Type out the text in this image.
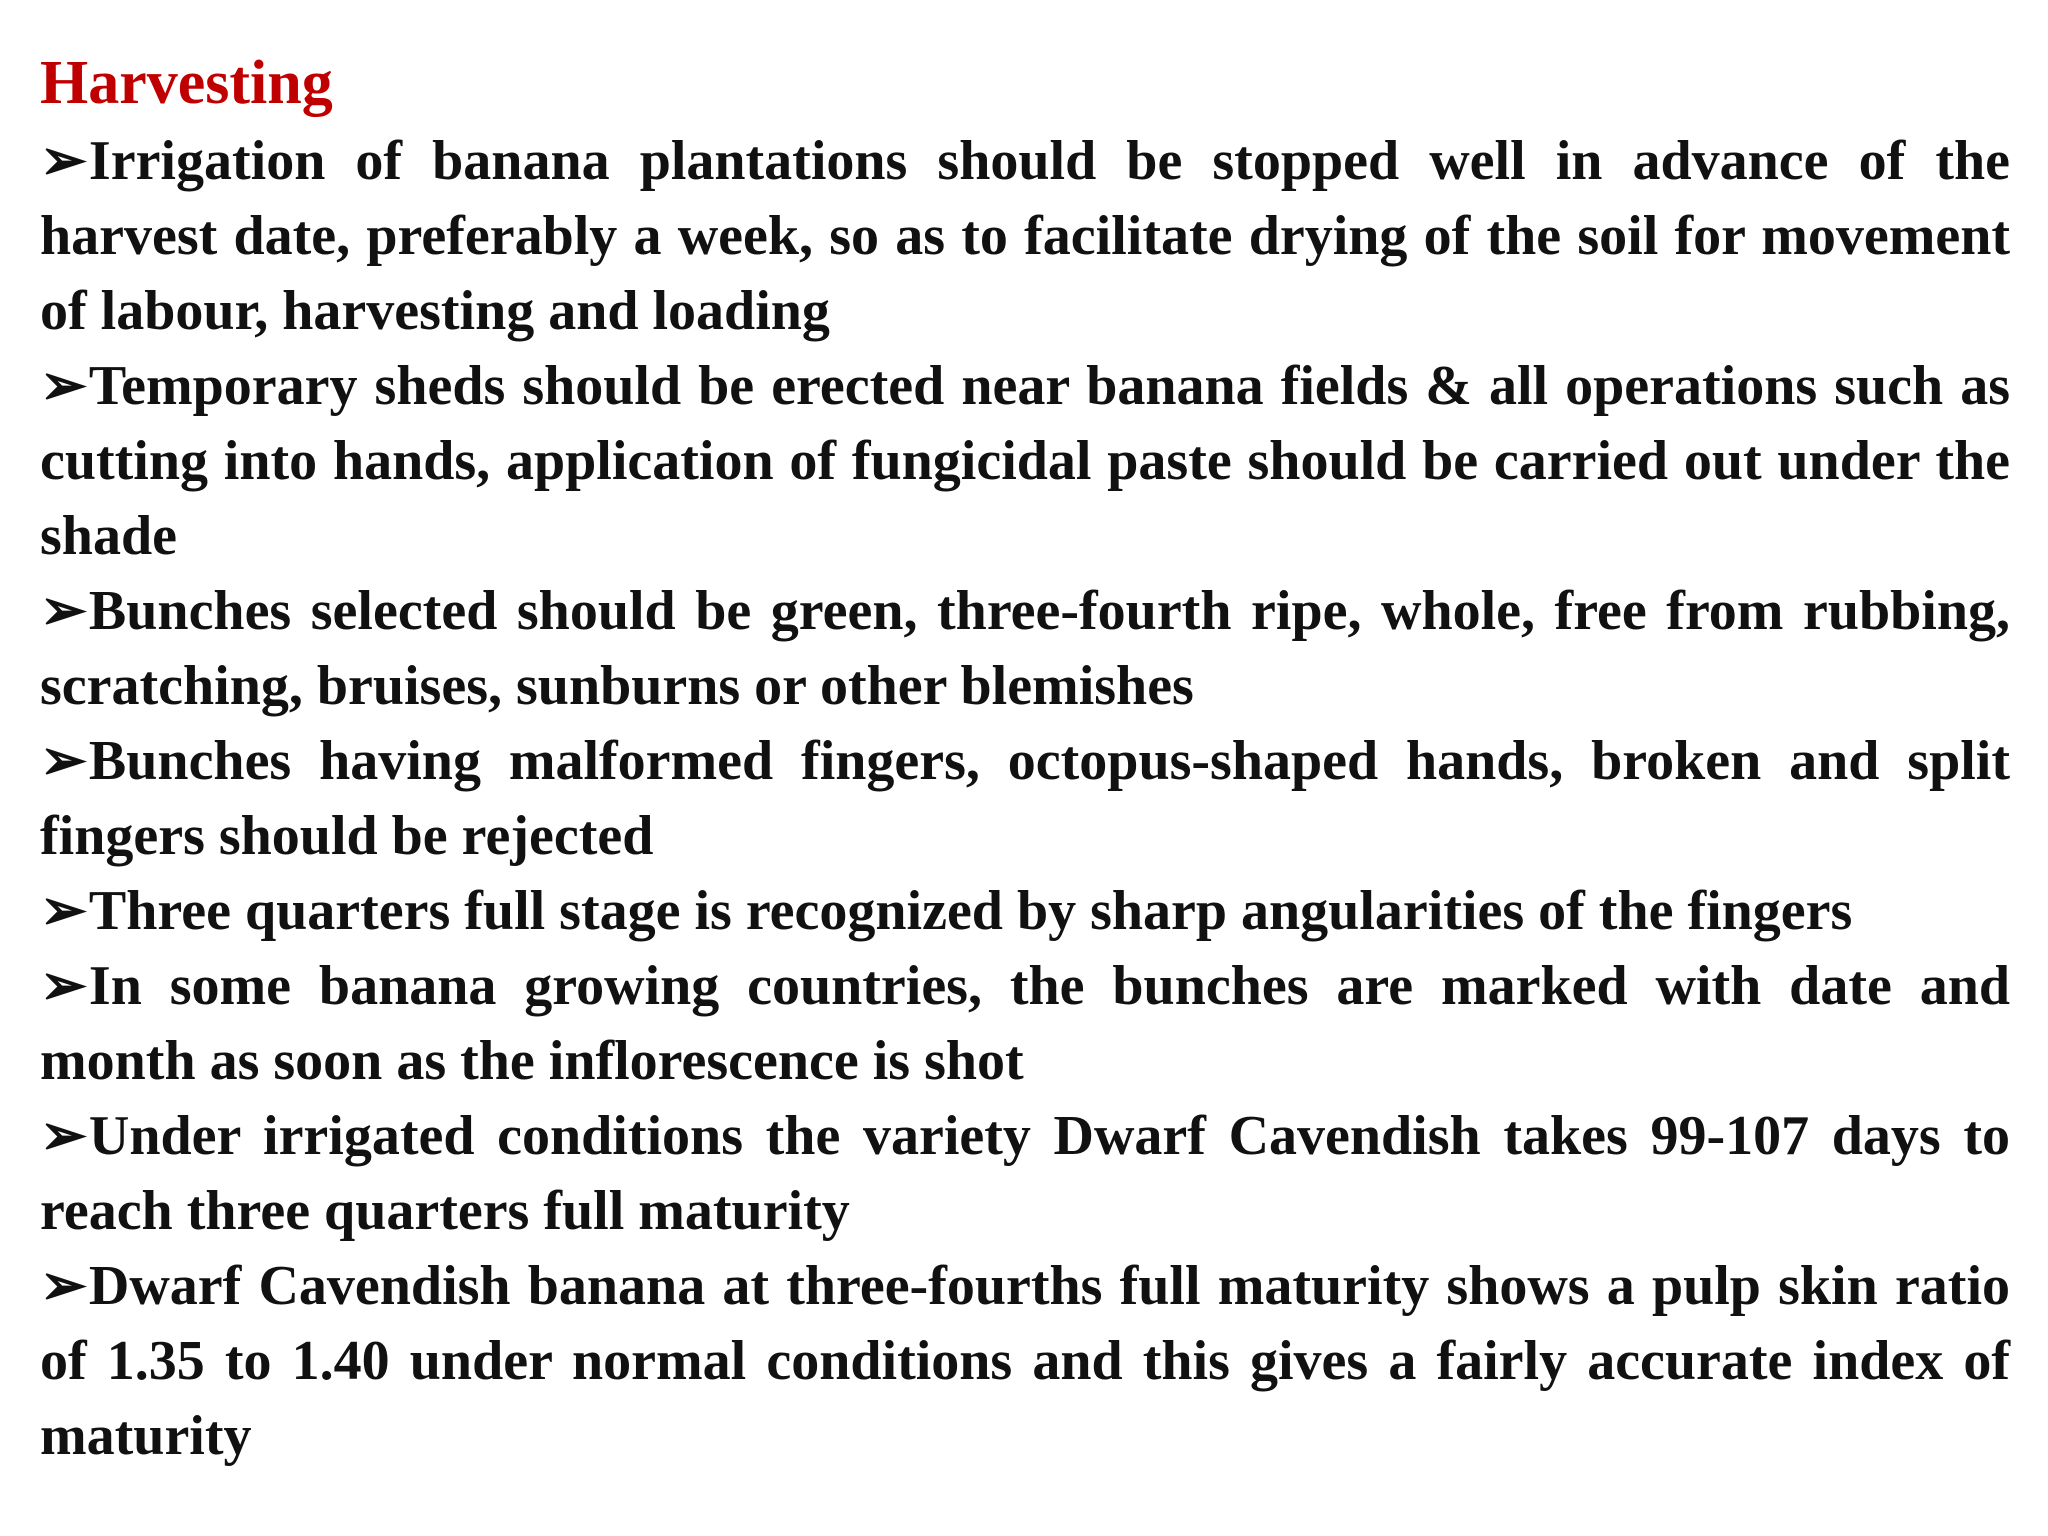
Harvesting
➢Irrigation of banana plantations should be stopped well in advance of the harvest date, preferably a week, so as to facilitate drying of the soil for movement of labour, harvesting and loading
➢Temporary sheds should be erected near banana fields & all operations such as cutting into hands, application of fungicidal paste should be carried out under the shade
➢Bunches selected should be green, three-fourth ripe, whole, free from rubbing, scratching, bruises, sunburns or other blemishes
➢Bunches having malformed fingers, octopus-shaped hands, broken and split fingers should be rejected
➢Three quarters full stage is recognized by sharp angularities of the fingers
➢In some banana growing countries, the bunches are marked with date and month as soon as the inflorescence is shot
➢Under irrigated conditions the variety Dwarf Cavendish takes 99-107 days to reach three quarters full maturity
➢Dwarf Cavendish banana at three-fourths full maturity shows a pulp skin ratio of 1.35 to 1.40 under normal conditions and this gives a fairly accurate index of maturity
